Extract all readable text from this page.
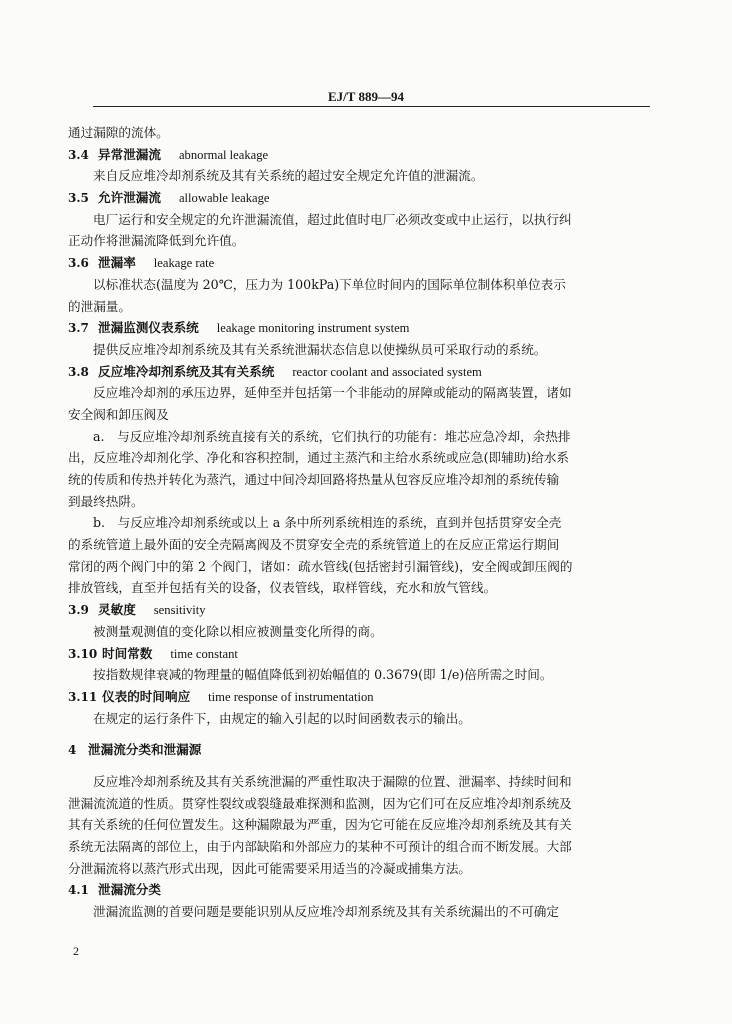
EJ/T 889—94
通过漏隙的流体。
3.4 异常泄漏流 abnormal leakage
来自反应堆冷却剂系统及其有关系统的超过安全规定允许值的泄漏流。
3.5 允许泄漏流 allowable leakage
电厂运行和安全规定的允许泄漏流值，超过此值时电厂必须改变或中止运行，以执行纠
正动作将泄漏流降低到允许值。
3.6 泄漏率 leakage rate
以标准状态(温度为 20℃，压力为 100kPa)下单位时间内的国际单位制体积单位表示
的泄漏量。
3.7 泄漏监测仪表系统 leakage monitoring instrument system
提供反应堆冷却剂系统及其有关系统泄漏状态信息以使操纵员可采取行动的系统。
3.8 反应堆冷却剂系统及其有关系统 reactor coolant and associated system
反应堆冷却剂的承压边界，延伸至并包括第一个非能动的屏障或能动的隔离装置，诸如
安全阀和卸压阀及
a.　与反应堆冷却剂系统直接有关的系统，它们执行的功能有：堆芯应急冷却，余热排
出，反应堆冷却剂化学、净化和容积控制，通过主蒸汽和主给水系统或应急(即辅助)给水系
统的传质和传热并转化为蒸汽，通过中间冷却回路将热量从包容反应堆冷却剂的系统传输
到最终热阱。
b.　与反应堆冷却剂系统或以上 a 条中所列系统相连的系统，直到并包括贯穿安全壳
的系统管道上最外面的安全壳隔离阀及不贯穿安全壳的系统管道上的在反应正常运行期间
常闭的两个阀门中的第 2 个阀门，诸如：疏水管线(包括密封引漏管线)，安全阀或卸压阀的
排放管线，直至并包括有关的设备，仪表管线，取样管线，充水和放气管线。
3.9 灵敏度 sensitivity
被测量观测值的变化除以相应被测量变化所得的商。
3.10 时间常数 time constant
按指数规律衰减的物理量的幅值降低到初始幅值的 0.3679(即 1/e)倍所需之时间。
3.11 仪表的时间响应 time response of instrumentation
在规定的运行条件下，由规定的输入引起的以时间函数表示的输出。
4 泄漏流分类和泄漏源
反应堆冷却剂系统及其有关系统泄漏的严重性取决于漏隙的位置、泄漏率、持续时间和
泄漏流流道的性质。贯穿性裂纹或裂缝最难探测和监测，因为它们可在反应堆冷却剂系统及
其有关系统的任何位置发生。这种漏隙最为严重，因为它可能在反应堆冷却剂系统及其有关
系统无法隔离的部位上，由于内部缺陷和外部应力的某种不可预计的组合而不断发展。大部
分泄漏流将以蒸汽形式出现，因此可能需要采用适当的冷凝或捕集方法。
4.1 泄漏流分类
泄漏流监测的首要问题是要能识别从反应堆冷却剂系统及其有关系统漏出的不可确定
2
